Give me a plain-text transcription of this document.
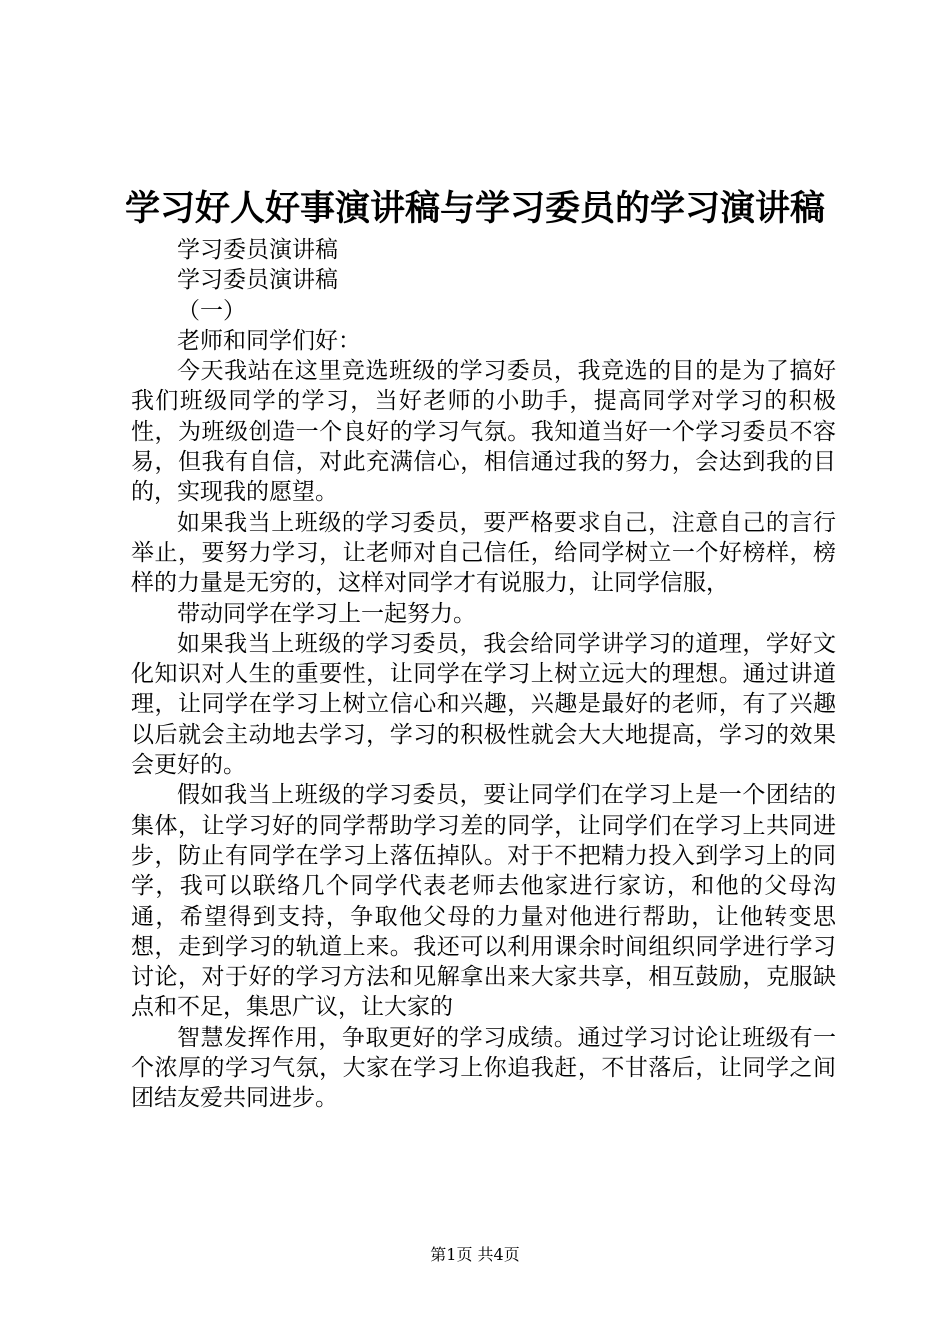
学习好人好事演讲稿与学习委员的学习演讲稿

学习委员演讲稿

学习委员演讲稿

（一）

老师和同学们好：

今天我站在这里竞选班级的学习委员，我竞选的目的是为了搞好我们班级同学的学习，当好老师的小助手，提高同学对学习的积极性，为班级创造一个良好的学习气氛。我知道当好一个学习委员不容易，但我有自信，对此充满信心，相信通过我的努力，会达到我的目的，实现我的愿望。

如果我当上班级的学习委员，要严格要求自己，注意自己的言行举止，要努力学习，让老师对自己信任，给同学树立一个好榜样，榜样的力量是无穷的，这样对同学才有说服力，让同学信服，

带动同学在学习上一起努力。

如果我当上班级的学习委员，我会给同学讲学习的道理，学好文化知识对人生的重要性，让同学在学习上树立远大的理想。通过讲道理，让同学在学习上树立信心和兴趣，兴趣是最好的老师，有了兴趣以后就会主动地去学习，学习的积极性就会大大地提高，学习的效果会更好的。

假如我当上班级的学习委员，要让同学们在学习上是一个团结的集体，让学习好的同学帮助学习差的同学，让同学们在学习上共同进步，防止有同学在学习上落伍掉队。对于不把精力投入到学习上的同学，我可以联络几个同学代表老师去他家进行家访，和他的父母沟通，希望得到支持，争取他父母的力量对他进行帮助，让他转变思想，走到学习的轨道上来。我还可以利用课余时间组织同学进行学习讨论，对于好的学习方法和见解拿出来大家共享，相互鼓励，克服缺点和不足，集思广议，让大家的

智慧发挥作用，争取更好的学习成绩。通过学习讨论让班级有一个浓厚的学习气氛，大家在学习上你追我赶，不甘落后，让同学之间团结友爱共同进步。

第1页 共4页
